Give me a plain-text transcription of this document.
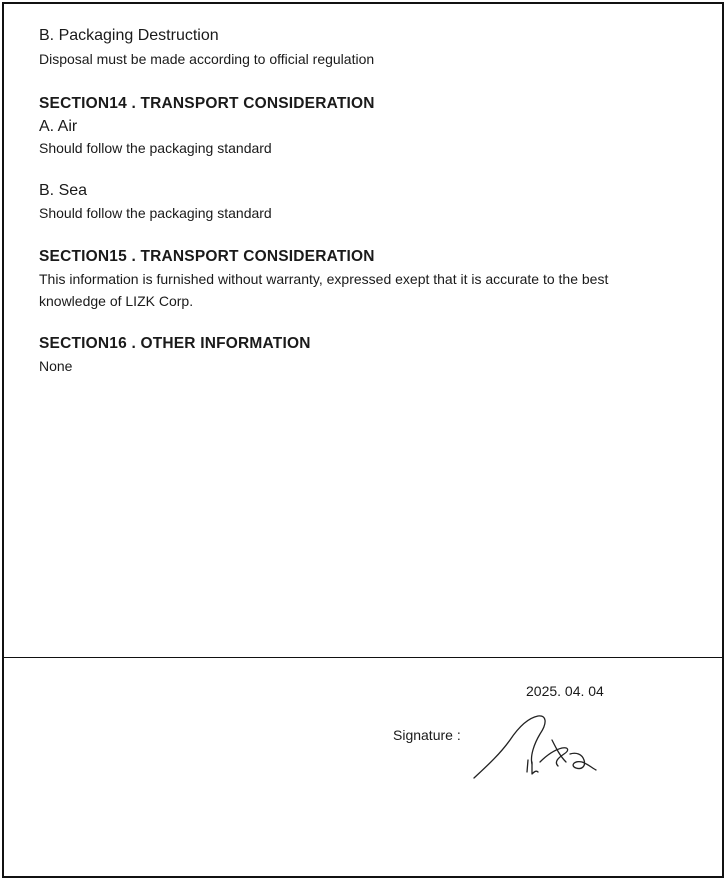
B. Packaging Destruction
Disposal must be made according to official regulation
SECTION14 . TRANSPORT CONSIDERATION
A. Air
Should follow the packaging standard
B. Sea
Should follow the packaging standard
SECTION15 . TRANSPORT CONSIDERATION
This information is furnished without warranty, expressed exept that it is accurate to the best knowledge of LIZK Corp.
SECTION16 . OTHER INFORMATION
None
2025. 04. 04
Signature :
